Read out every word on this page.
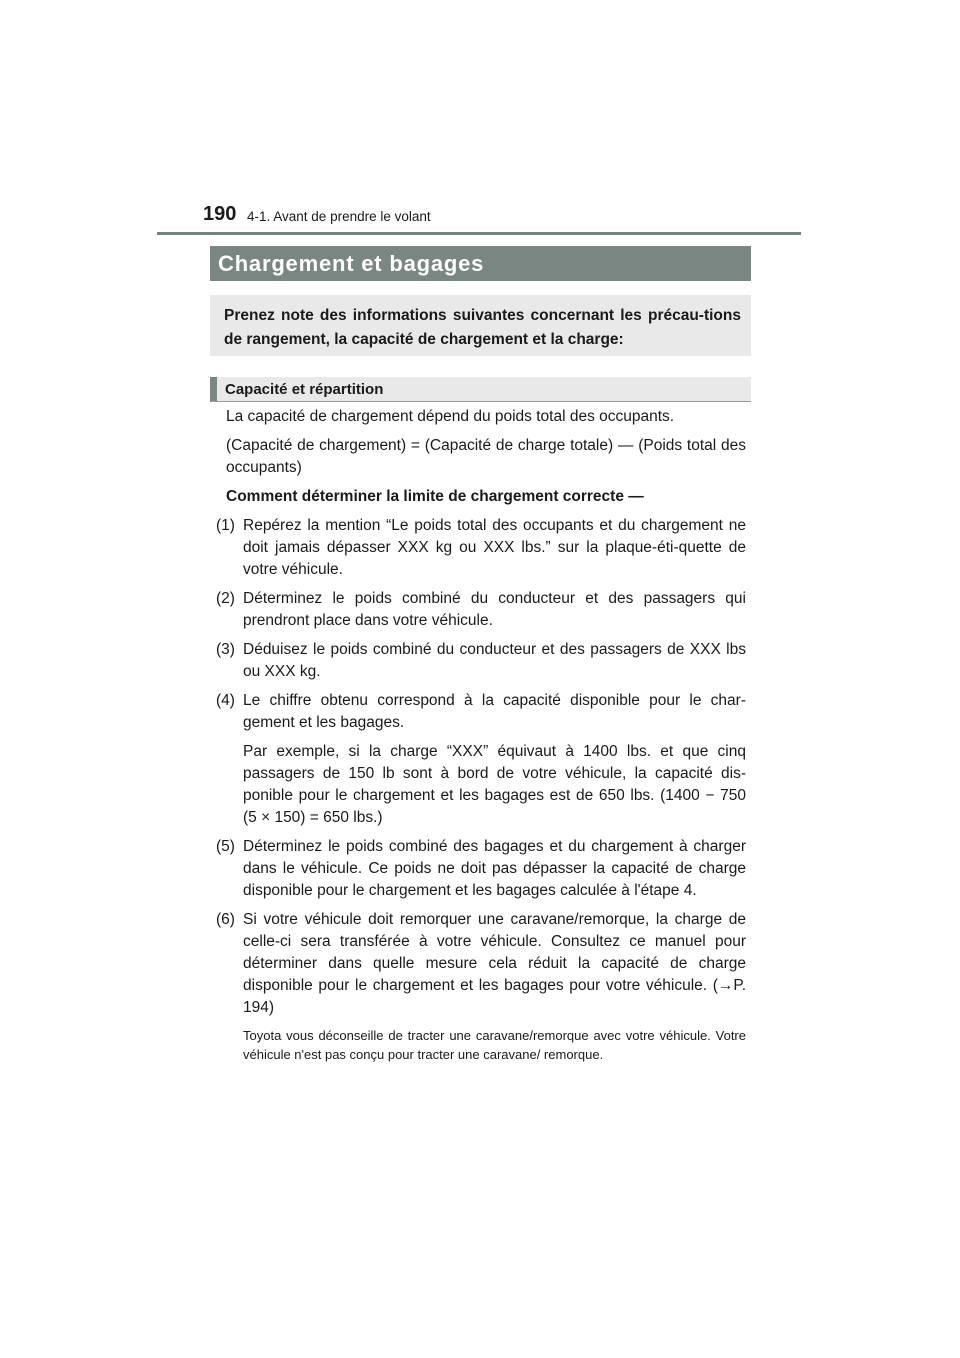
190 4-1. Avant de prendre le volant
Chargement et bagages
Prenez note des informations suivantes concernant les précau-tions de rangement, la capacité de chargement et la charge:
Capacité et répartition

La capacité de chargement dépend du poids total des occupants.

(Capacité de chargement) = (Capacité de charge totale) — (Poids total des occupants)

Comment déterminer la limite de chargement correcte —

(1) Repérez la mention “Le poids total des occupants et du chargement ne doit jamais dépasser XXX kg ou XXX lbs.” sur la plaque-éti-quette de votre véhicule.
(2) Déterminez le poids combiné du conducteur et des passagers qui prendront place dans votre véhicule.
(3) Déduisez le poids combiné du conducteur et des passagers de XXX lbs ou XXX kg.
(4) Le chiffre obtenu correspond à la capacité disponible pour le char-gement et les bagages.

Par exemple, si la charge “XXX” équivaut à 1400 lbs. et que cinq passagers de 150 lb sont à bord de votre véhicule, la capacité dis-ponible pour le chargement et les bagages est de 650 lbs. (1400 − 750 (5 × 150) = 650 lbs.)

(5) Déterminez le poids combiné des bagages et du chargement à charger dans le véhicule. Ce poids ne doit pas dépasser la capacité de charge disponible pour le chargement et les bagages calculée à l'étape 4.
(6) Si votre véhicule doit remorquer une caravane/remorque, la charge de celle-ci sera transférée à votre véhicule. Consultez ce manuel pour déterminer dans quelle mesure cela réduit la capacité de charge disponible pour le chargement et les bagages pour votre véhicule. (→P. 194)

Toyota vous déconseille de tracter une caravane/remorque avec votre véhicule. Votre véhicule n'est pas conçu pour tracter une caravane/ remorque.
